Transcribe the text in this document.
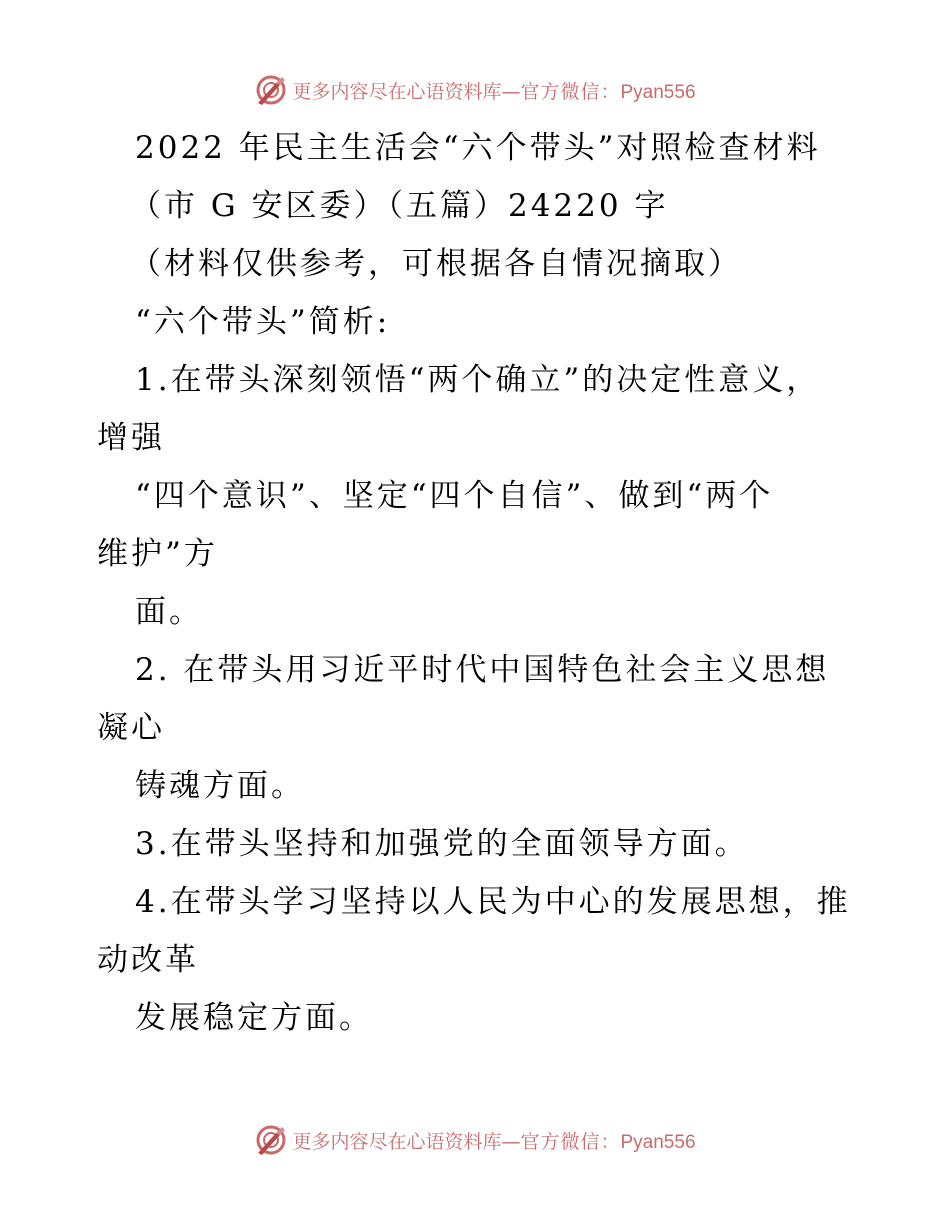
更多内容尽在心语资料库 — 官方微信： Pyan556
2022 年民主生活会“六个带头”对照检查材料
（市 G 安区委）（五篇）24220 字
（材料仅供参考，可根据各自情况摘取）
“六个带头”简析:
1.在带头深刻领悟“两个确立”的决定性意义，
增强
“四个意识”、坚定“四个自信”、做到“两个
维护”方
面。
2. 在带头用习近平时代中国特色社会主义思想
凝心
铸魂方面。
3.在带头坚持和加强党的全面领导方面。
4.在带头学习坚持以人民为中心的发展思想，推
动改革
发展稳定方面。
更多内容尽在心语资料库 — 官方微信： Pyan556
